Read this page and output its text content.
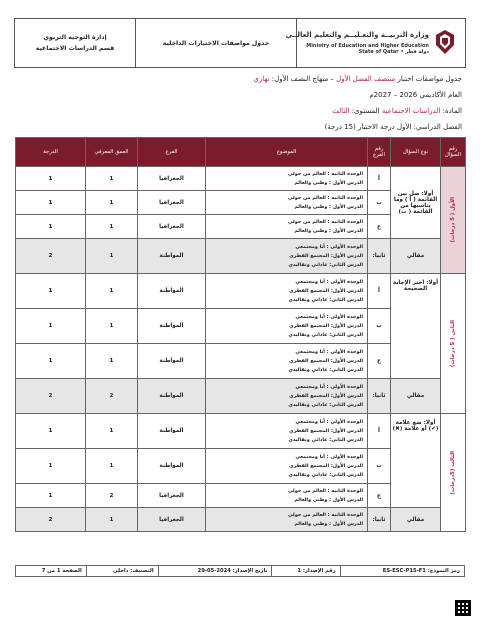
إدارة التوجيه التربوي
قسم الدراسات الاجتماعية
	جدول مواصفات الاختبارات الداخلية	
وزارة التربيــة والتعـليــم والتعليم العالــي
Ministry of Education and Higher Education
State of Qatar • دولة قطر
جدول مواصفات اختبار منتصف الفصل الأول – منهاج النصف الأول: نهاري
العام الأكاديمي 2026 – 2027م
المادة: الدراسات الاجتماعية المستوى: الثالث
الفصل الدراسي: الأول درجة الاختبار (15 درجة)
رقم السؤال	نوع السؤال	رقم الفرع	الموضوع	الفرع	العمق المعرفي	الدرجة

الأول ( 5 درجات)	أولا: صل بين القائمة ( أ ) وما يناسبها من القائمة ( ب)	أ	الوحدة الثانية : العالم من حولي
الدرس الأول : وطني والعالم	الجغرافيا	1	1
		ب	الوحدة الثانية : العالم من حولي
الدرس الأول : وطني والعالم	الجغرافيا	1	1
		ج	الوحدة الثانية : العالم من حولي
الدرس الأول : وطني والعالم	الجغرافيا	1	1
	مقالي	ثانيا:	الوحدة الأولى : أنا ومجتمعي
الدرس الأول: المجتمع القطري
الدرس الثاني: عاداتي وتقاليدي	المواطنة	1	2

الثاني ( 5 درجات)	أولا: اختر الإجابة الصحيحة	أ	الوحدة الأولى : أنا ومجتمعي
الدرس الأول: المجتمع القطري
الدرس الثاني: عاداتي وتقاليدي	المواطنة	1	1
		ب	الوحدة الأولى : أنا ومجتمعي
الدرس الأول: المجتمع القطري
الدرس الثاني: عاداتي وتقاليدي	المواطنة	1	1
		ج	الوحدة الأولى : أنا ومجتمعي
الدرس الأول: المجتمع القطري
الدرس الثاني: عاداتي وتقاليدي	المواطنة	1	1
	مقالي	ثانيا:	الوحدة الأولى : أنا ومجتمعي
الدرس الأول: المجتمع القطري
الدرس الثاني: عاداتي وتقاليدي	المواطنة	2	2

الثالث (5درجات)	أولا: ضع علامة (✔) أو علامة (✖)	أ	الوحدة الأولى : أنا ومجتمعي
الدرس الأول: المجتمع القطري
الدرس الثاني: عاداتي وتقاليدي	المواطنة	1	1
		ب	الوحدة الأولى : أنا ومجتمعي
الدرس الأول: المجتمع القطري
الدرس الثاني: عاداتي وتقاليدي	المواطنة	1	1
		ج	الوحدة الثانية : العالم من حولي
الدرس الأول : وطني والعالم	الجغرافيا	2	1
	مقالي	ثانيا:	الوحدة الثانية : العالم من حولي
الدرس الأول : وطني والعالم	الجغرافيا	1	2
رمز النموذج: ES-ESC-P15-F1	رقم الإصدار: 1	تاريخ الإصدار: 2024-05-29	التصنيف: داخلي	الصفحة 1 من 7
